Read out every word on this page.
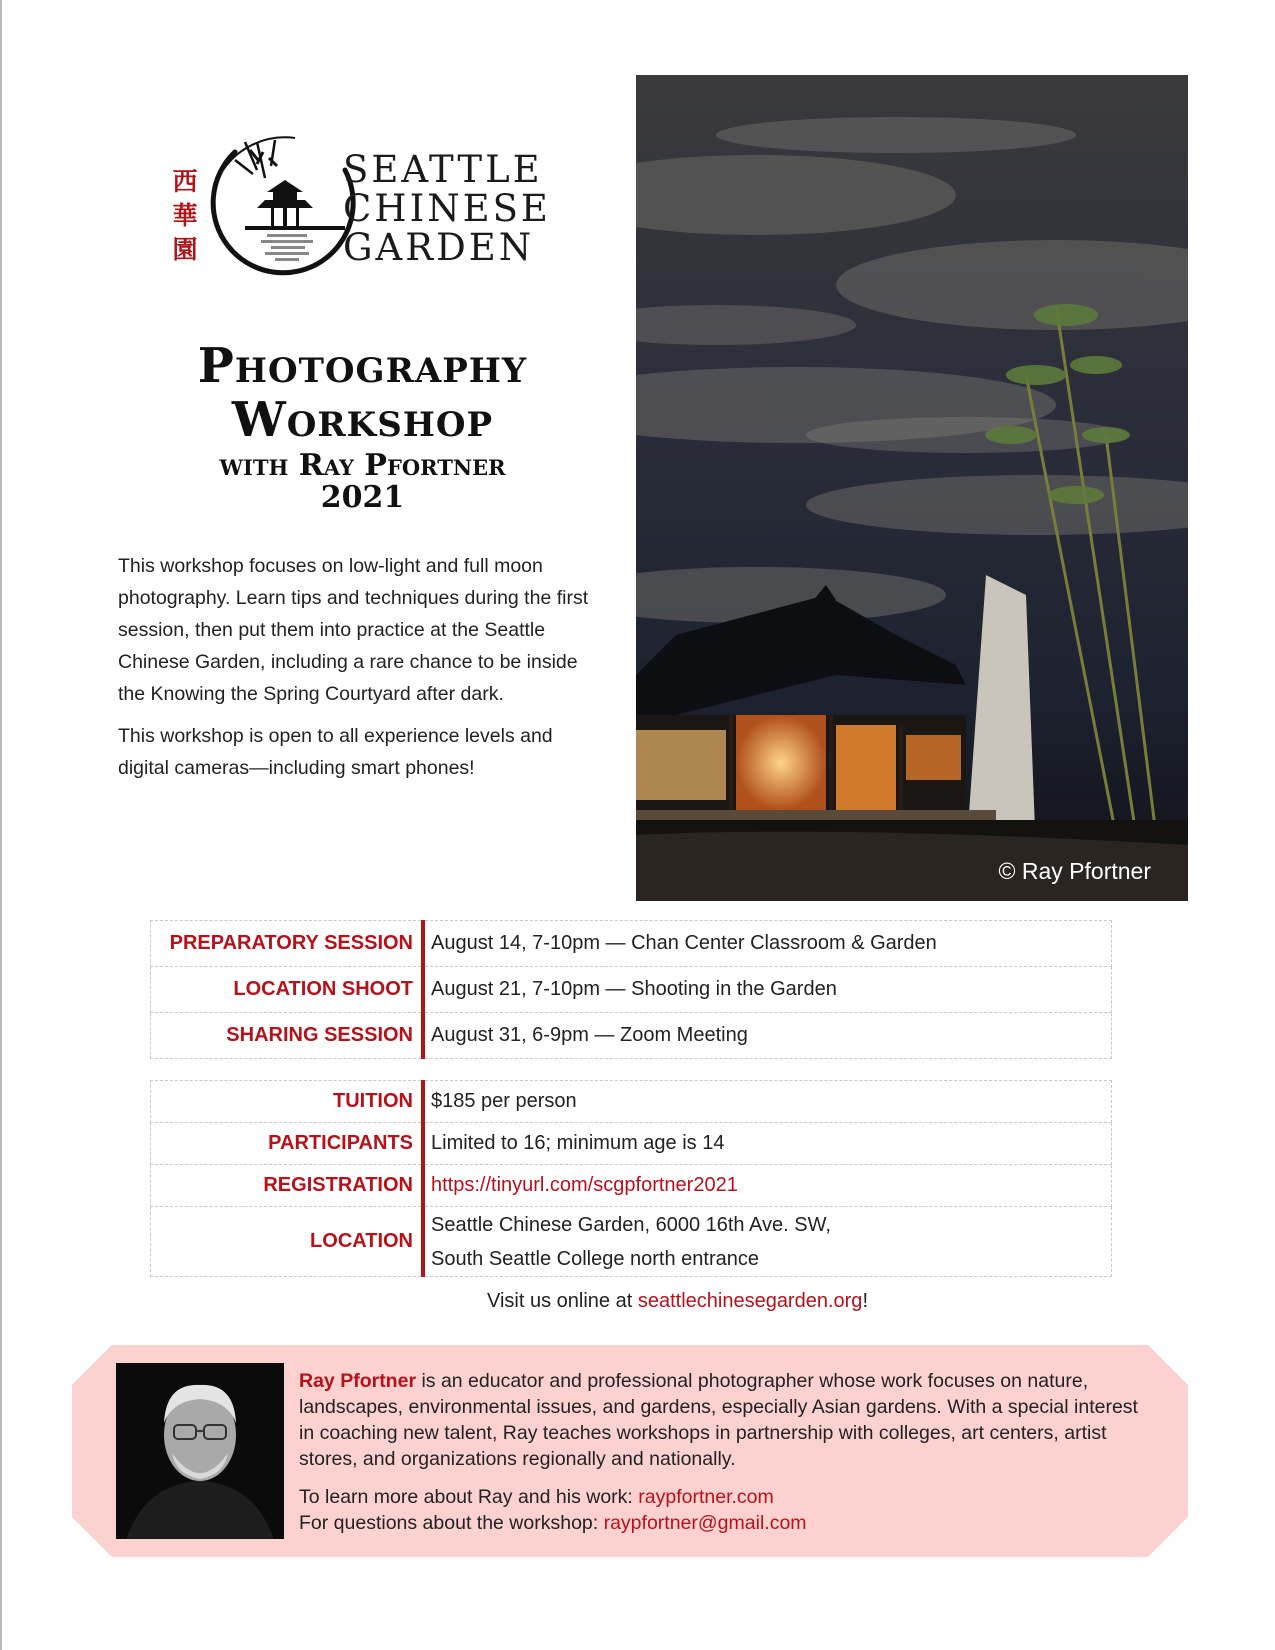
西
華
園
SEATTLE
CHINESE
GARDEN
Photography
Workshop
with Ray Pfortner
2021

This workshop focuses on low-light and full moon photography. Learn tips and techniques during the first session, then put them into practice at the Seattle Chinese Garden, including a rare chance to be inside the Knowing the Spring Courtyard after dark.

This workshop is open to all experience levels and digital cameras—including smart phones!

© Ray Pfortner
PREPARATORY SESSION	August 14, 7-10pm — Chan Center Classroom & Garden
LOCATION SHOOT	August 21, 7-10pm — Shooting in the Garden
SHARING SESSION	August 31, 6-9pm — Zoom Meeting
TUITION	$185 per person
PARTICIPANTS	Limited to 16; minimum age is 14
REGISTRATION	https://tinyurl.com/scgpfortner2021
LOCATION	Seattle Chinese Garden, 6000 16th Ave. SW,
South Seattle College north entrance
Visit us online at seattlechinesegarden.org!

Ray Pfortner is an educator and professional photographer whose work focuses on nature, landscapes, environmental issues, and gardens, especially Asian gardens. With a special interest in coaching new talent, Ray teaches workshops in partnership with colleges, art centers, artist stores, and organizations regionally and nationally.

To learn more about Ray and his work: raypfortner.com
For questions about the workshop: raypfortner@gmail.com
